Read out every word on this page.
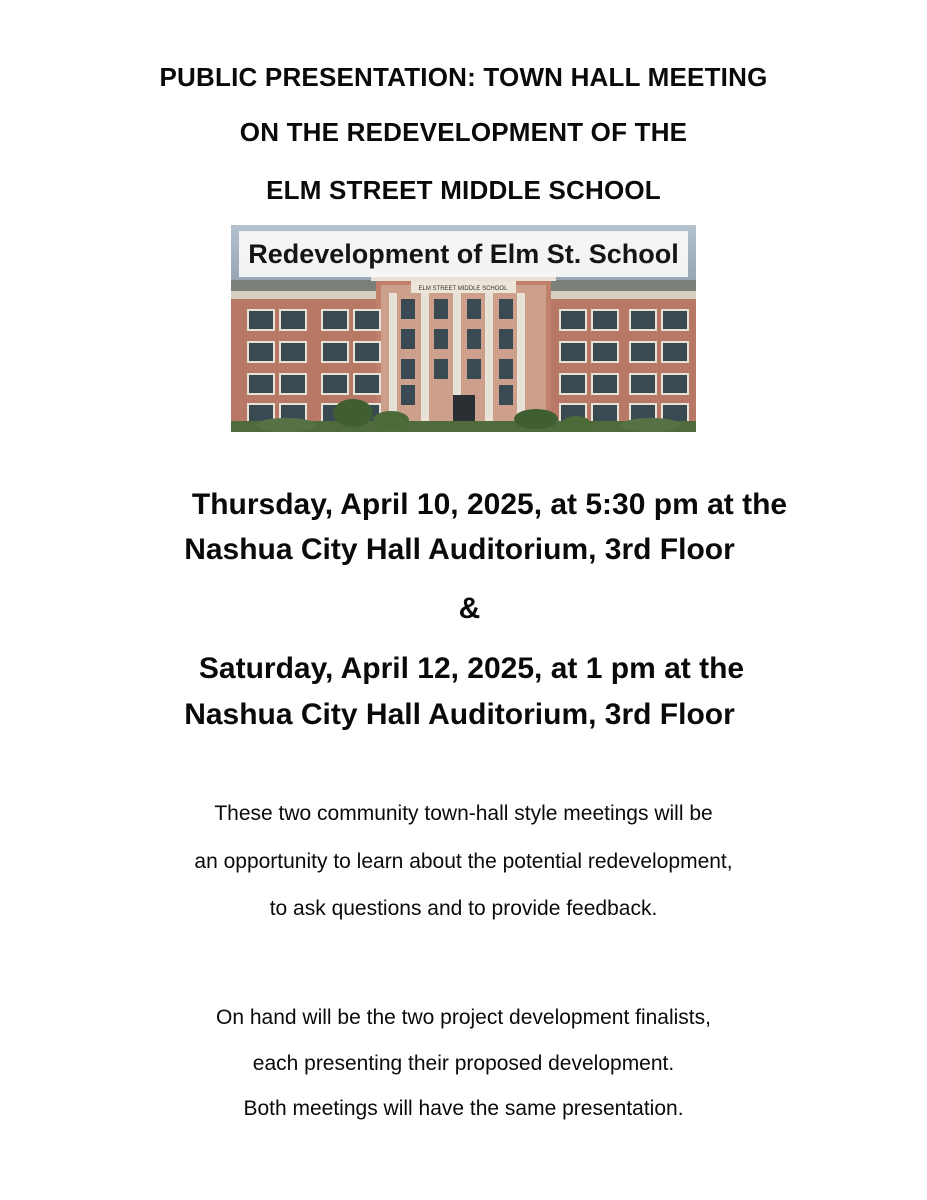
PUBLIC PRESENTATION: TOWN HALL MEETING
ON THE REDEVELOPMENT OF THE
ELM STREET MIDDLE SCHOOL
ELM STREET MIDDLE SCHOOL
Redevelopment of Elm St. School
Thursday, April 10, 2025, at 5:30 pm at the
Nashua City Hall Auditorium, 3rd Floor
&
Saturday, April 12, 2025, at 1 pm at the
Nashua City Hall Auditorium, 3rd Floor
These two community town-hall style meetings will be
an opportunity to learn about the potential redevelopment,
to ask questions and to provide feedback.
On hand will be the two project development finalists,
each presenting their proposed development.
Both meetings will have the same presentation.
